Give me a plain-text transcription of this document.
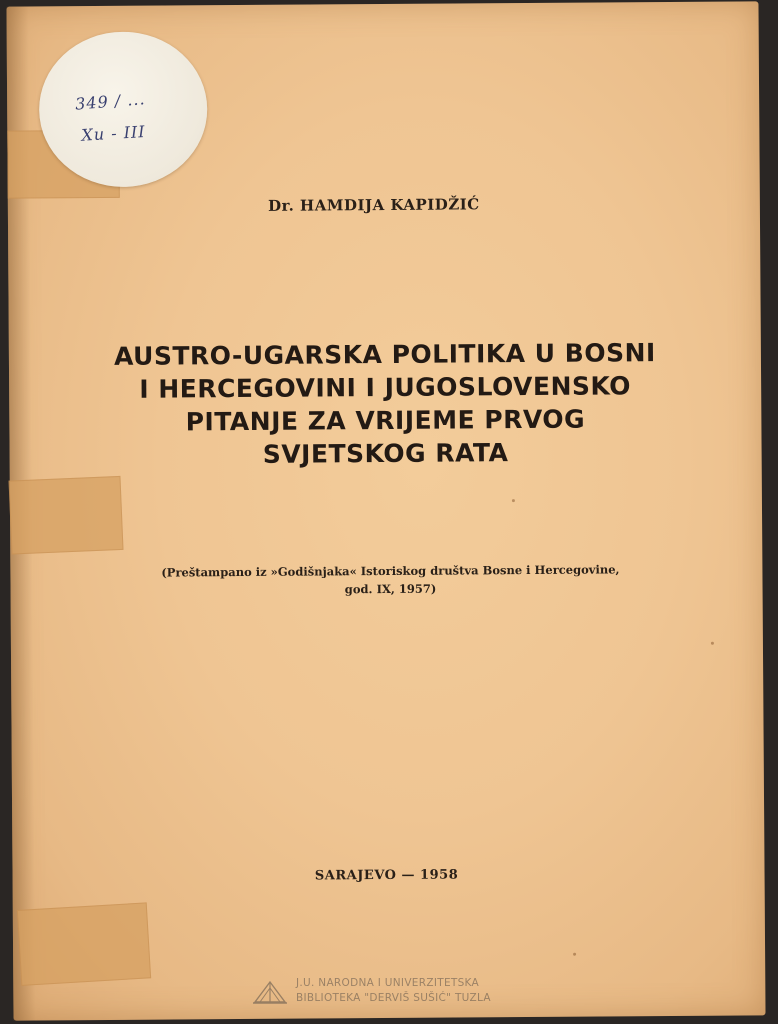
349 / ...
Xu - III
Dr. HAMDIJA KAPIDŽIĆ
AUSTRO-UGARSKA POLITIKA U BOSNI
I HERCEGOVINI I JUGOSLOVENSKO
PITANJE ZA VRIJEME PRVOG
SVJETSKOG RATA
(Preštampano iz »Godišnjaka« Istoriskog društva Bosne i Hercegovine,
god. IX, 1957)
SARAJEVO — 1958
J.U. NARODNA I UNIVERZITETSKA
BIBLIOTEKA "DERVIŠ SUŠIĆ" TUZLA
